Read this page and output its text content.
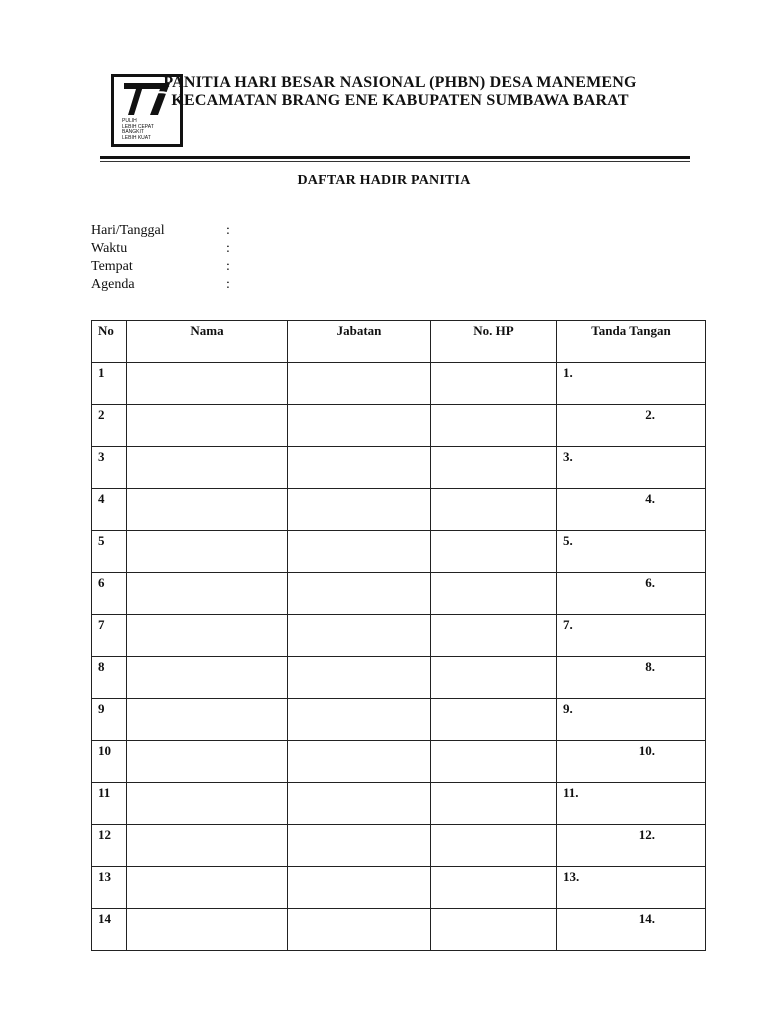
PULIH
LEBIH CEPAT
BANGKIT
LEBIH KUAT
PANITIA HARI BESAR NASIONAL (PHBN) DESA MANEMENG
KECAMATAN BRANG ENE KABUPATEN SUMBAWA BARAT
DAFTAR HADIR PANITIA
Hari/Tanggal	:
Waktu	:
Tempat	:
Agenda	:
No	Nama	Jabatan	No. HP	Tanda Tangan
1				1.
2				2.
3				3.
4				4.
5				5.
6				6.
7				7.
8				8.
9				9.
10				10.
11				11.
12				12.
13				13.
14				14.
